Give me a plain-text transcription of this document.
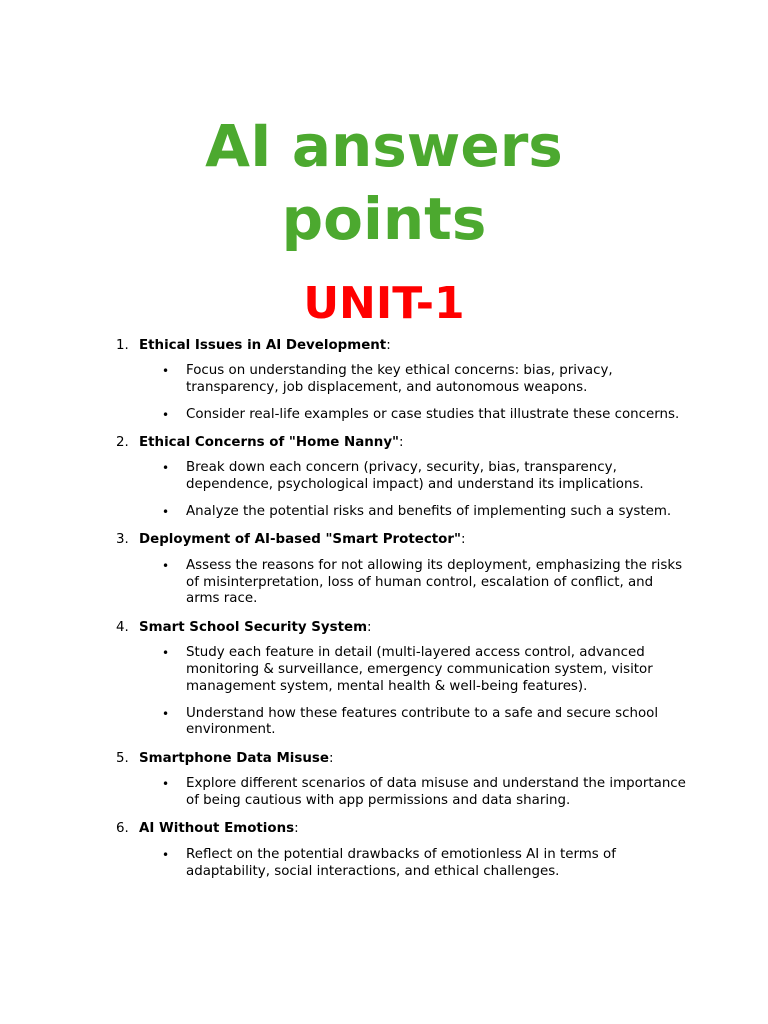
AI answers
points
UNIT-1
1. Ethical Issues in AI Development:
• Focus on understanding the key ethical concerns: bias, privacy, transparency, job displacement, and autonomous weapons.
• Consider real-life examples or case studies that illustrate these concerns.
2. Ethical Concerns of "Home Nanny":
• Break down each concern (privacy, security, bias, transparency, dependence, psychological impact) and understand its implications.
• Analyze the potential risks and benefits of implementing such a system.
3. Deployment of AI-based "Smart Protector":
• Assess the reasons for not allowing its deployment, emphasizing the risks of misinterpretation, loss of human control, escalation of conflict, and arms race.
4. Smart School Security System:
• Study each feature in detail (multi-layered access control, advanced monitoring & surveillance, emergency communication system, visitor management system, mental health & well-being features).
• Understand how these features contribute to a safe and secure school environment.
5. Smartphone Data Misuse:
• Explore different scenarios of data misuse and understand the importance of being cautious with app permissions and data sharing.
6. AI Without Emotions:
• Reflect on the potential drawbacks of emotionless AI in terms of adaptability, social interactions, and ethical challenges.
